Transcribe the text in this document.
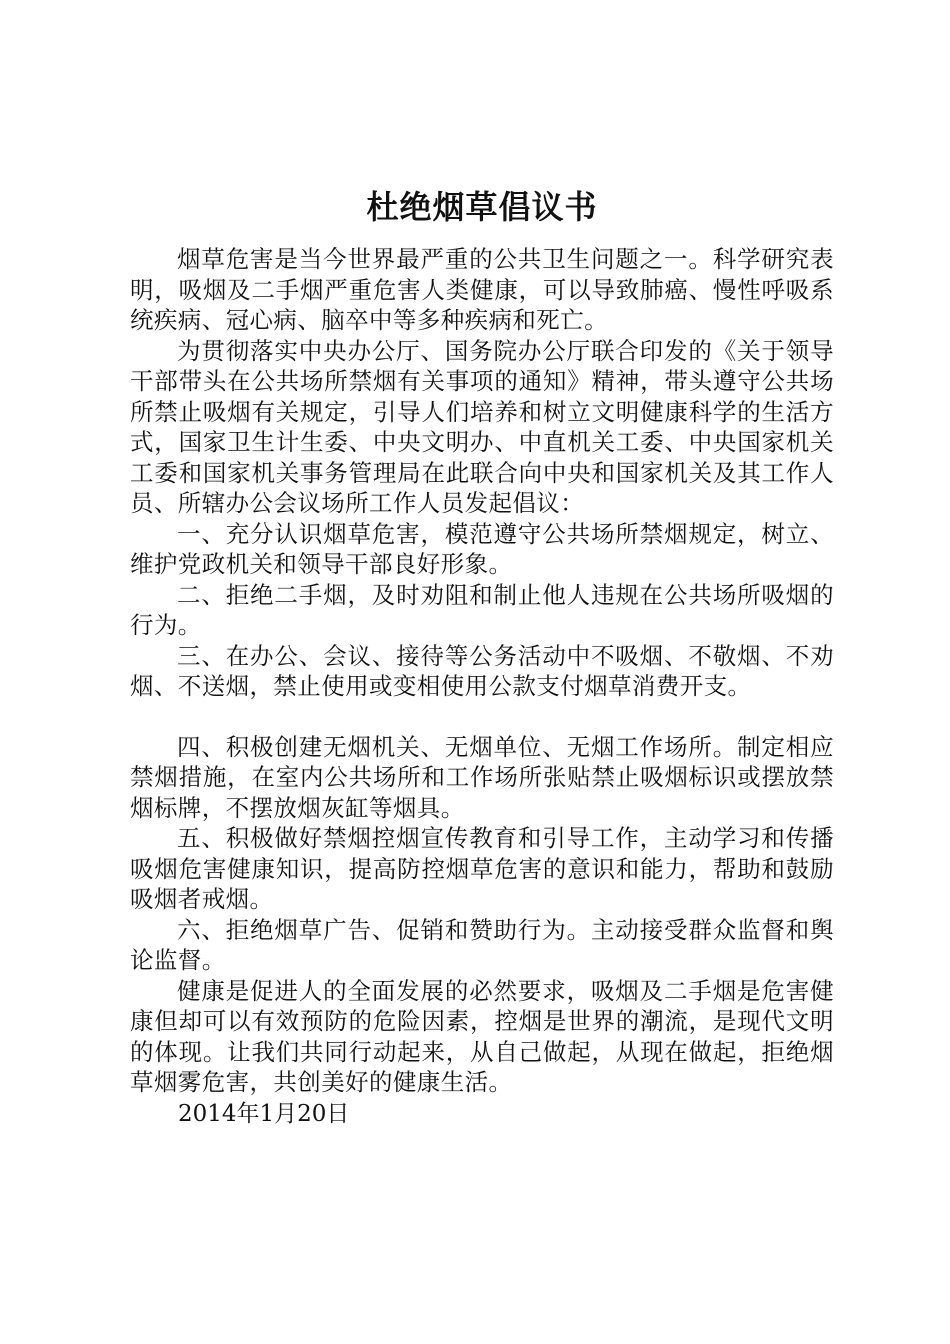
杜绝烟草倡议书

烟草危害是当今世界最严重的公共卫生问题之一。科学研究表明，吸烟及二手烟严重危害人类健康，可以导致肺癌、慢性呼吸系统疾病、冠心病、脑卒中等多种疾病和死亡。

为贯彻落实中央办公厅、国务院办公厅联合印发的《关于领导干部带头在公共场所禁烟有关事项的通知》精神，带头遵守公共场所禁止吸烟有关规定，引导人们培养和树立文明健康科学的生活方式，国家卫生计生委、中央文明办、中直机关工委、中央国家机关工委和国家机关事务管理局在此联合向中央和国家机关及其工作人员、所辖办公会议场所工作人员发起倡议：

一、充分认识烟草危害，模范遵守公共场所禁烟规定，树立、维护党政机关和领导干部良好形象。

二、拒绝二手烟，及时劝阻和制止他人违规在公共场所吸烟的行为。

三、在办公、会议、接待等公务活动中不吸烟、不敬烟、不劝烟、不送烟，禁止使用或变相使用公款支付烟草消费开支。

四、积极创建无烟机关、无烟单位、无烟工作场所。制定相应禁烟措施，在室内公共场所和工作场所张贴禁止吸烟标识或摆放禁烟标牌，不摆放烟灰缸等烟具。

五、积极做好禁烟控烟宣传教育和引导工作，主动学习和传播吸烟危害健康知识，提高防控烟草危害的意识和能力，帮助和鼓励吸烟者戒烟。

六、拒绝烟草广告、促销和赞助行为。主动接受群众监督和舆论监督。

健康是促进人的全面发展的必然要求，吸烟及二手烟是危害健康但却可以有效预防的危险因素，控烟是世界的潮流，是现代文明的体现。让我们共同行动起来，从自己做起，从现在做起，拒绝烟草烟雾危害，共创美好的健康生活。

2014年1月20日
